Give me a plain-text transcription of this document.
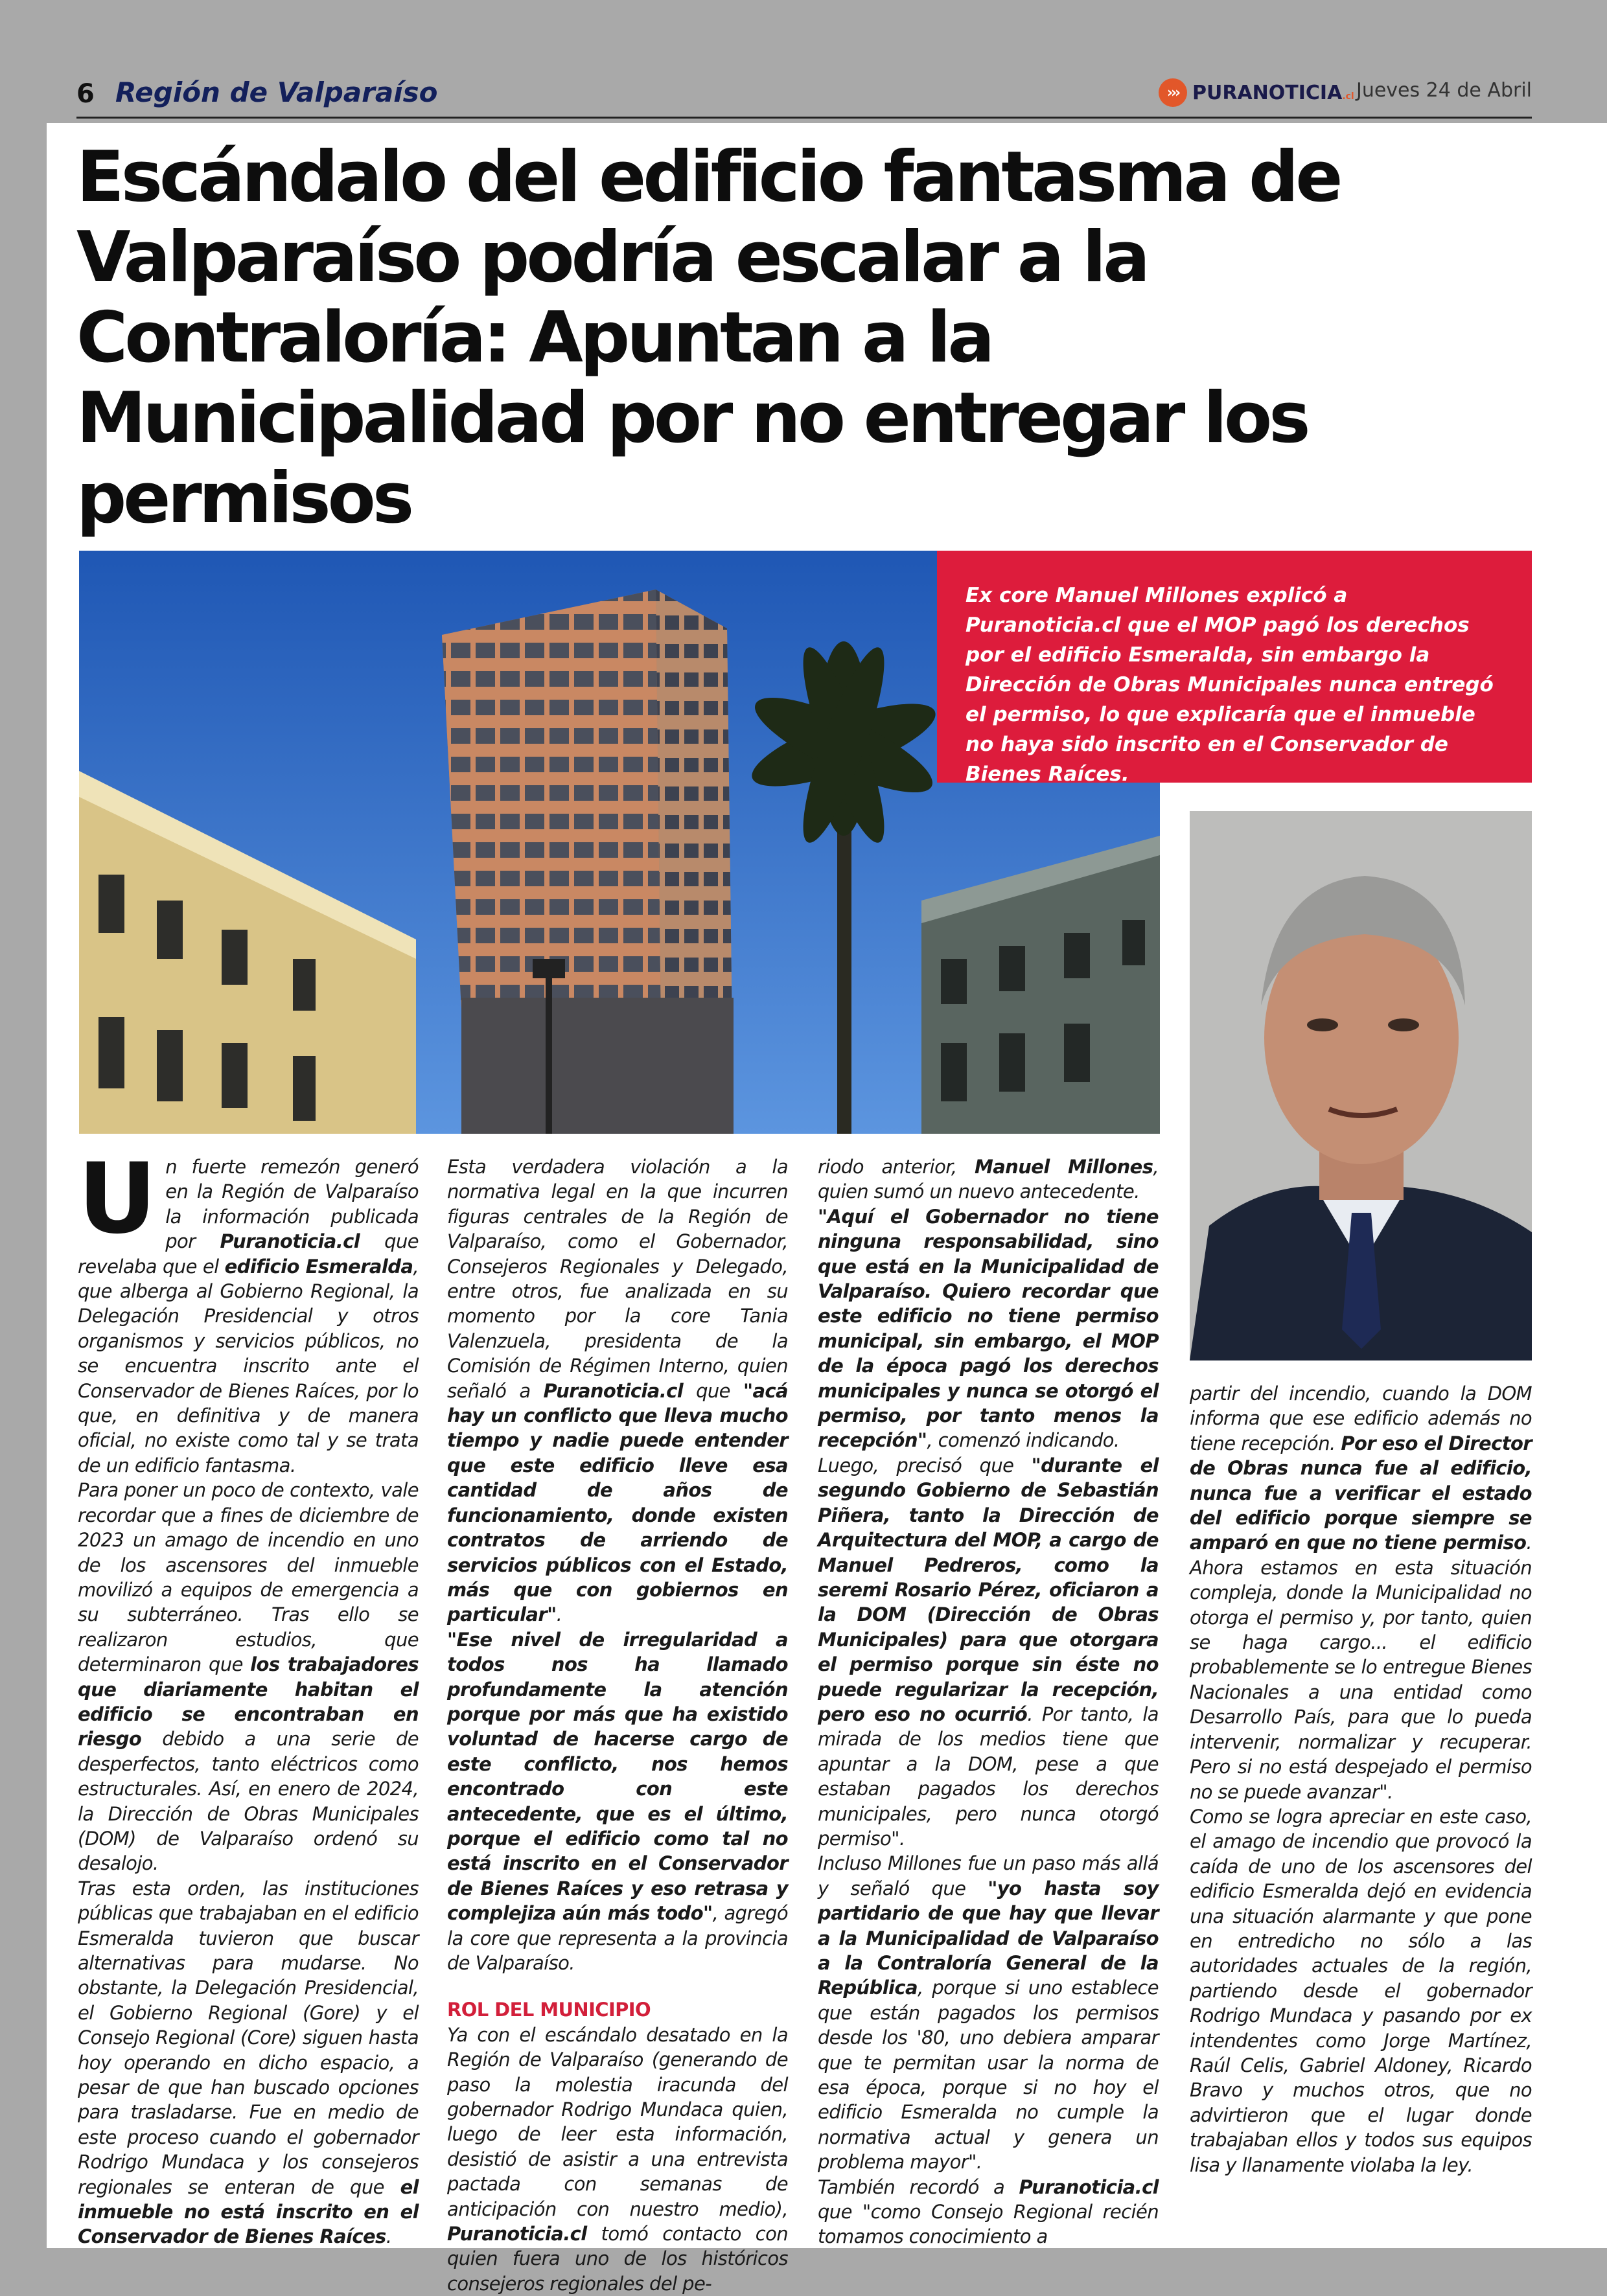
6 Región de Valparaíso	››› PURANOTICIA.cl Jueves 24 de Abril
Escándalo del edificio fantasma de Valparaíso podría escalar a la Contraloría: Apuntan a la Municipalidad por no entregar los permisos
Ex core Manuel Millones explicó a Puranoticia.cl que el MOP pagó los derechos por el edificio Esmeralda, sin embargo la Dirección de Obras Municipales nunca entregó el permiso, lo que explicaría que el inmueble no haya sido inscrito en el Conservador de Bienes Raíces.
U n fuerte remezón generó en la Región de Valparaíso la información publicada por Puranoticia.cl que revelaba que el edificio Esmeralda, que alberga al Gobierno Regional, la Delegación Presidencial y otros organismos y servicios públicos, no se encuentra inscrito ante el Conservador de Bienes Raíces, por lo que, en definitiva y de manera oficial, no existe como tal y se trata de un edificio fantasma.

Para poner un poco de contexto, vale recordar que a fines de diciembre de 2023 un amago de incendio en uno de los ascensores del inmueble movilizó a equipos de emergencia a su subterráneo. Tras ello se realizaron estudios, que determinaron que los trabajadores que diariamente habitan el edificio se encontraban en riesgo debido a una serie de desperfectos, tanto eléctricos como estructurales. Así, en enero de 2024, la Dirección de Obras Municipales (DOM) de Valparaíso ordenó su desalojo.

Tras esta orden, las instituciones públicas que trabajaban en el edificio Esmeralda tuvieron que buscar alternativas para mudarse. No obstante, la Delegación Presidencial, el Gobierno Regional (Gore) y el Consejo Regional (Core) siguen hasta hoy operando en dicho espacio, a pesar de que han buscado opciones para trasladarse. Fue en medio de este proceso cuando el gobernador Rodrigo Mundaca y los consejeros regionales se enteran de que el inmueble no está inscrito en el Conservador de Bienes Raíces.

Esta verdadera violación a la normativa legal en la que incurren figuras centrales de la Región de Valparaíso, como el Gobernador, Consejeros Regionales y Delegado, entre otros, fue analizada en su momento por la core Tania Valenzuela, presidenta de la Comisión de Régimen Interno, quien señaló a Puranoticia.cl que "acá hay un conflicto que lleva mucho tiempo y nadie puede entender que este edificio lleve esa cantidad de años de funcionamiento, donde existen contratos de arriendo de servicios públicos con el Estado, más que con gobiernos en particular".

"Ese nivel de irregularidad a todos nos ha llamado profundamente la atención porque por más que ha existido voluntad de hacerse cargo de este conflicto, nos hemos encontrado con este antecedente, que es el último, porque el edificio como tal no está inscrito en el Conservador de Bienes Raíces y eso retrasa y complejiza aún más todo", agregó la core que representa a la provincia de Valparaíso.

ROL DEL MUNICIPIO

Ya con el escándalo desatado en la Región de Valparaíso (generando de paso la molestia iracunda del gobernador Rodrigo Mundaca quien, luego de leer esta información, desistió de asistir a una entrevista pactada con semanas de anticipación con nuestro medio), Puranoticia.cl tomó contacto con quien fuera uno de los históricos consejeros regionales del pe-

riodo anterior, Manuel Millones, quien sumó un nuevo antecedente.

"Aquí el Gobernador no tiene ninguna responsabilidad, sino que está en la Municipalidad de Valparaíso. Quiero recordar que este edificio no tiene permiso municipal, sin embargo, el MOP de la época pagó los derechos municipales y nunca se otorgó el permiso, por tanto menos la recepción", comenzó indicando.

Luego, precisó que "durante el segundo Gobierno de Sebastián Piñera, tanto la Dirección de Arquitectura del MOP, a cargo de Manuel Pedreros, como la seremi Rosario Pérez, oficiaron a la DOM (Dirección de Obras Municipales) para que otorgara el permiso porque sin éste no puede regularizar la recepción, pero eso no ocurrió. Por tanto, la mirada de los medios tiene que apuntar a la DOM, pese a que estaban pagados los derechos municipales, pero nunca otorgó permiso".

Incluso Millones fue un paso más allá y señaló que "yo hasta soy partidario de que hay que llevar a la Municipalidad de Valparaíso a la Contraloría General de la República, porque si uno establece que están pagados los permisos desde los '80, uno debiera amparar que te permitan usar la norma de esa época, porque si no hoy el edificio Esmeralda no cumple la normativa actual y genera un problema mayor".

También recordó a Puranoticia.cl que "como Consejo Regional recién tomamos conocimiento a

partir del incendio, cuando la DOM informa que ese edificio además no tiene recepción. Por eso el Director de Obras nunca fue al edificio, nunca fue a verificar el estado del edificio porque siempre se amparó en que no tiene permiso. Ahora estamos en esta situación compleja, donde la Municipalidad no otorga el permiso y, por tanto, quien se haga cargo... el edificio probablemente se lo entregue Bienes Nacionales a una entidad como Desarrollo País, para que lo pueda intervenir, normalizar y recuperar. Pero si no está despejado el permiso no se puede avanzar".

Como se logra apreciar en este caso, el amago de incendio que provocó la caída de uno de los ascensores del edificio Esmeralda dejó en evidencia una situación alarmante y que pone en entredicho no sólo a las autoridades actuales de la región, partiendo desde el gobernador Rodrigo Mundaca y pasando por ex intendentes como Jorge Martínez, Raúl Celis, Gabriel Aldoney, Ricardo Bravo y muchos otros, que no advirtieron que el lugar donde trabajaban ellos y todos sus equipos lisa y llanamente violaba la ley.
